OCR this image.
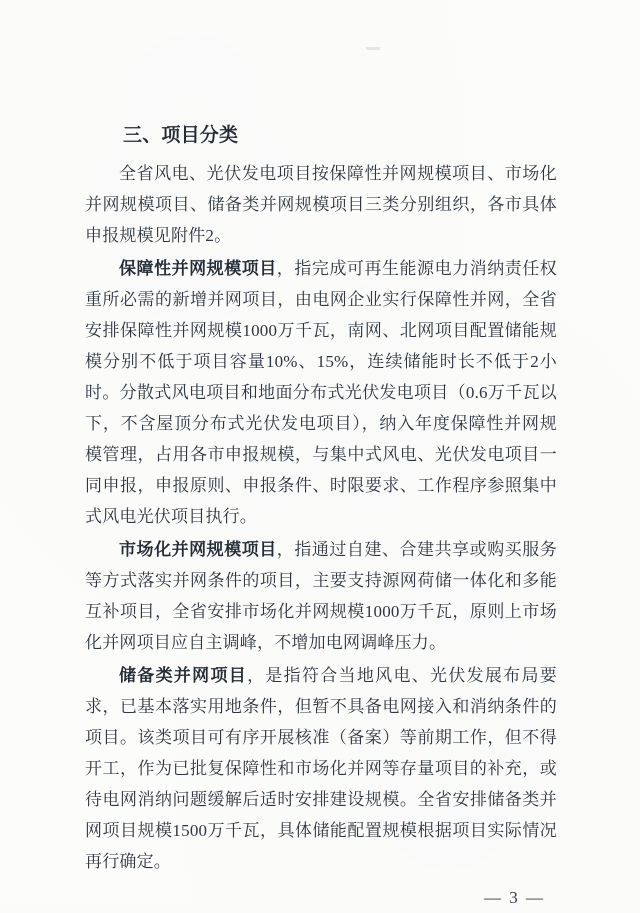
三、项目分类

全省风电、光伏发电项目按保障性并网规模项目、市场化并网规模项目、储备类并网规模项目三类分别组织，各市具体申报规模见附件2。

保障性并网规模项目，指完成可再生能源电力消纳责任权重所必需的新增并网项目，由电网企业实行保障性并网，全省安排保障性并网规模1000万千瓦，南网、北网项目配置储能规模分别不低于项目容量10%、15%，连续储能时长不低于2小时。分散式风电项目和地面分布式光伏发电项目（0.6万千瓦以下，不含屋顶分布式光伏发电项目），纳入年度保障性并网规模管理，占用各市申报规模，与集中式风电、光伏发电项目一同申报，申报原则、申报条件、时限要求、工作程序参照集中式风电光伏项目执行。

市场化并网规模项目，指通过自建、合建共享或购买服务等方式落实并网条件的项目，主要支持源网荷储一体化和多能互补项目，全省安排市场化并网规模1000万千瓦，原则上市场化并网项目应自主调峰，不增加电网调峰压力。

储备类并网项目，是指符合当地风电、光伏发展布局要求，已基本落实用地条件，但暂不具备电网接入和消纳条件的项目。该类项目可有序开展核准（备案）等前期工作，但不得开工，作为已批复保障性和市场化并网等存量项目的补充，或待电网消纳问题缓解后适时安排建设规模。全省安排储备类并网项目规模1500万千瓦，具体储能配置规模根据项目实际情况再行确定。

— 3 —
